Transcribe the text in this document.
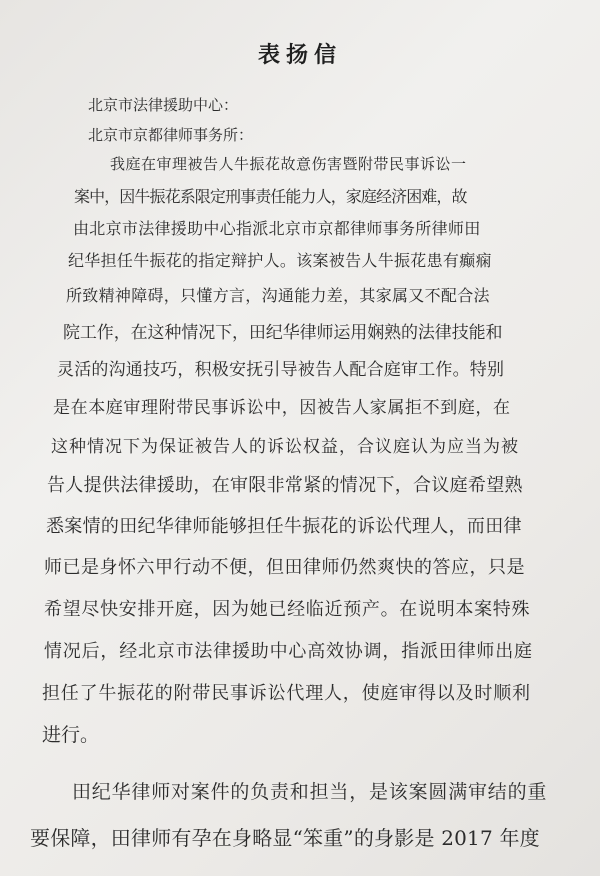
表扬信
北京市法律援助中心：
北京市京都律师事务所：
我庭在审理被告人牛振花故意伤害暨附带民事诉讼一
案中，因牛振花系限定刑事责任能力人，家庭经济困难，故
由北京市法律援助中心指派北京市京都律师事务所律师田
纪华担任牛振花的指定辩护人。该案被告人牛振花患有癫痫
所致精神障碍，只懂方言，沟通能力差，其家属又不配合法
院工作，在这种情况下，田纪华律师运用娴熟的法律技能和
灵活的沟通技巧，积极安抚引导被告人配合庭审工作。特别
是在本庭审理附带民事诉讼中，因被告人家属拒不到庭，在
这种情况下为保证被告人的诉讼权益，合议庭认为应当为被
告人提供法律援助，在审限非常紧的情况下，合议庭希望熟
悉案情的田纪华律师能够担任牛振花的诉讼代理人，而田律
师已是身怀六甲行动不便，但田律师仍然爽快的答应，只是
希望尽快安排开庭，因为她已经临近预产。在说明本案特殊
情况后，经北京市法律援助中心高效协调，指派田律师出庭
担任了牛振花的附带民事诉讼代理人，使庭审得以及时顺利
进行。
田纪华律师对案件的负责和担当，是该案圆满审结的重
要保障，田律师有孕在身略显“笨重”的身影是 2017 年度
